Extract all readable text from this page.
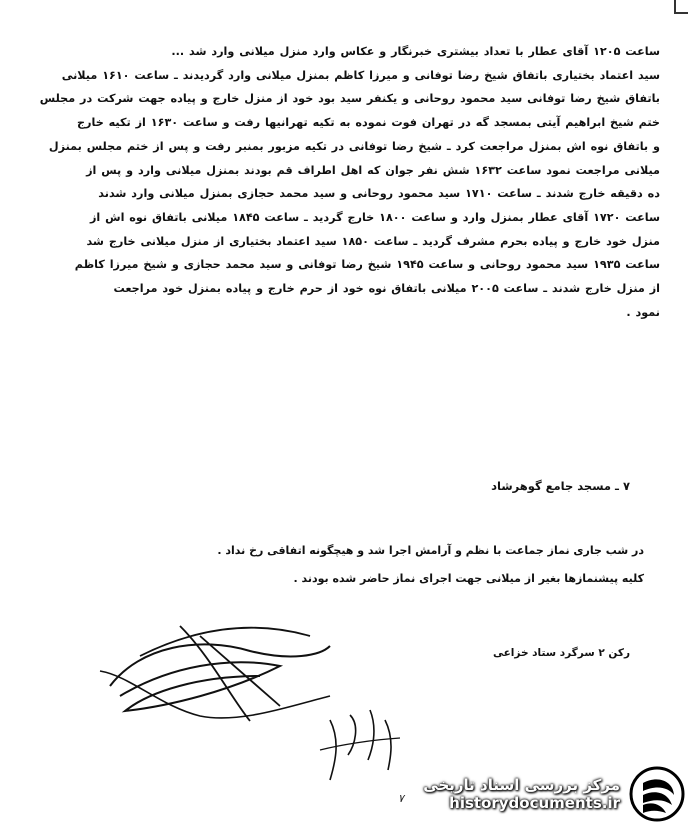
ساعت ۱۲۰۵ آقای عطار با تعداد بیشتری خبرنگار و عکاس وارد منزل میلانی وارد شد ...
سید اعتماد بختیاری باتفاق شیخ رضا توفانی و میرزا کاظم بمنزل میلانی وارد گردیدند ـ ساعت ۱۶۱۰ میلانی
باتفاق شیخ رضا توفانی سید محمود روحانی و یکنفر سید بود خود از منزل خارج و پیاده جهت شرکت در مجلس
ختم شیخ ابراهیم آیتی بمسجد گه در تهران فوت نموده به تکیه تهرانیها رفت و ساعت ۱۶۳۰ از تکیه خارج
و باتفاق نوه اش بمنزل مراجعت کرد ـ شیخ رضا توفانی در تکیه مزبور بمنبر رفت و پس از ختم مجلس بمنزل
میلانی مراجعت نمود ساعت ۱۶۳۲ شش نفر جوان که اهل اطراف قم بودند بمنزل میلانی وارد و پس از
ده دقیقه خارج شدند ـ ساعت ۱۷۱۰ سید محمود روحانی و سید محمد حجازی بمنزل میلانی وارد شدند
ساعت ۱۷۲۰ آقای عطار بمنزل وارد و ساعت ۱۸۰۰ خارج گردید ـ ساعت ۱۸۴۵ میلانی باتفاق نوه اش از
منزل خود خارج و پیاده بحرم مشرف گردید ـ ساعت ۱۸۵۰ سید اعتماد بختیاری از منزل میلانی خارج شد
ساعت ۱۹۳۵ سید محمود روحانی و ساعت ۱۹۴۵ شیخ رضا توفانی و سید محمد حجازی و شیخ میرزا کاظم
از منزل خارج شدند ـ ساعت ۲۰۰۵ میلانی باتفاق نوه خود از حرم خارج و پیاده بمنزل خود مراجعت
نمود .
۷ ـ مسجد جامع گوهرشاد
در شب جاری نماز جماعت با نظم و آرامش اجرا شد و هیچگونه اتفاقی رخ نداد .
کلیه پیشنمازها بغیر از میلانی جهت اجرای نماز حاضر شده بودند .
رکن ۲ سرگرد ستاد خزاعی
۷
مرکز بررسی اسناد تاریخی
historydocuments.ir
